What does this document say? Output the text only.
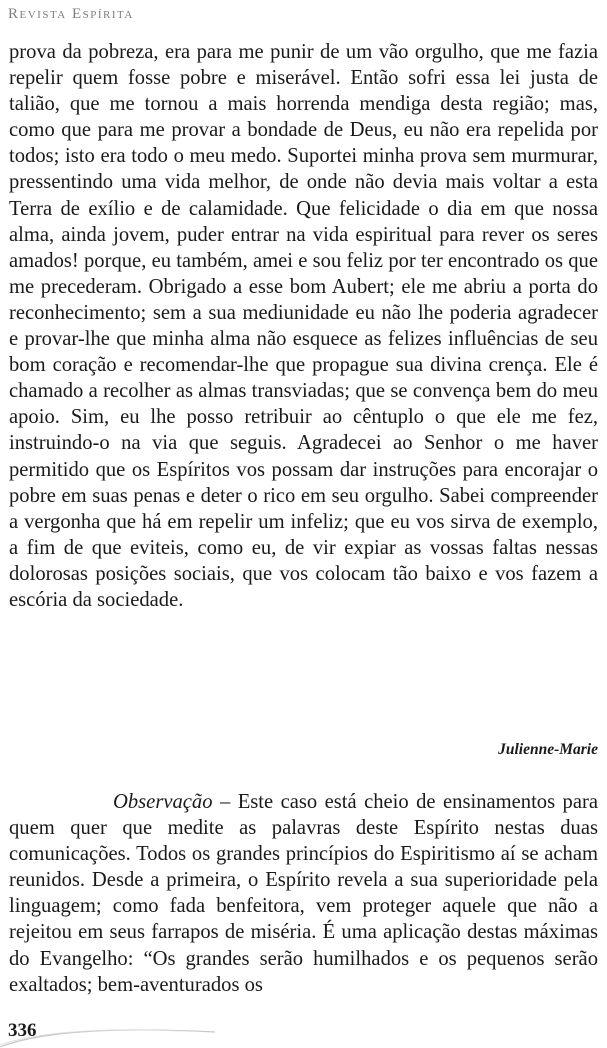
Revista Espírita

prova da pobreza, era para me punir de um vão orgulho, que me fazia repelir quem fosse pobre e miserável. Então sofri essa lei justa de talião, que me tornou a mais horrenda mendiga desta região; mas, como que para me provar a bondade de Deus, eu não era repelida por todos; isto era todo o meu medo. Suportei minha prova sem murmurar, pressentindo uma vida melhor, de onde não devia mais voltar a esta Terra de exílio e de calamidade. Que felicidade o dia em que nossa alma, ainda jovem, puder entrar na vida espiritual para rever os seres amados! porque, eu também, amei e sou feliz por ter encontrado os que me precederam. Obrigado a esse bom Aubert; ele me abriu a porta do reconhecimento; sem a sua mediunidade eu não lhe poderia agradecer e provar-lhe que minha alma não esquece as felizes influências de seu bom coração e recomendar-lhe que propague sua divina crença. Ele é chamado a recolher as almas transviadas; que se convença bem do meu apoio. Sim, eu lhe posso retribuir ao cêntuplo o que ele me fez, instruindo-o na via que seguis. Agradecei ao Senhor o me haver permitido que os Espíritos vos possam dar instruções para encorajar o pobre em suas penas e deter o rico em seu orgulho. Sabei compreender a vergonha que há em repelir um infeliz; que eu vos sirva de exemplo, a fim de que eviteis, como eu, de vir expiar as vossas faltas nessas dolorosas posições sociais, que vos colocam tão baixo e vos fazem a escória da sociedade.

Julienne-Marie
Observação – Este caso está cheio de ensinamentos para quem quer que medite as palavras deste Espírito nestas duas comunicações. Todos os grandes princípios do Espiritismo aí se acham reunidos. Desde a primeira, o Espírito revela a sua superioridade pela linguagem; como fada benfeitora, vem proteger aquele que não a rejeitou em seus farrapos de miséria. É uma aplicação destas máximas do Evangelho: “Os grandes serão humilhados e os pequenos serão exaltados; bem-aventurados os
336
